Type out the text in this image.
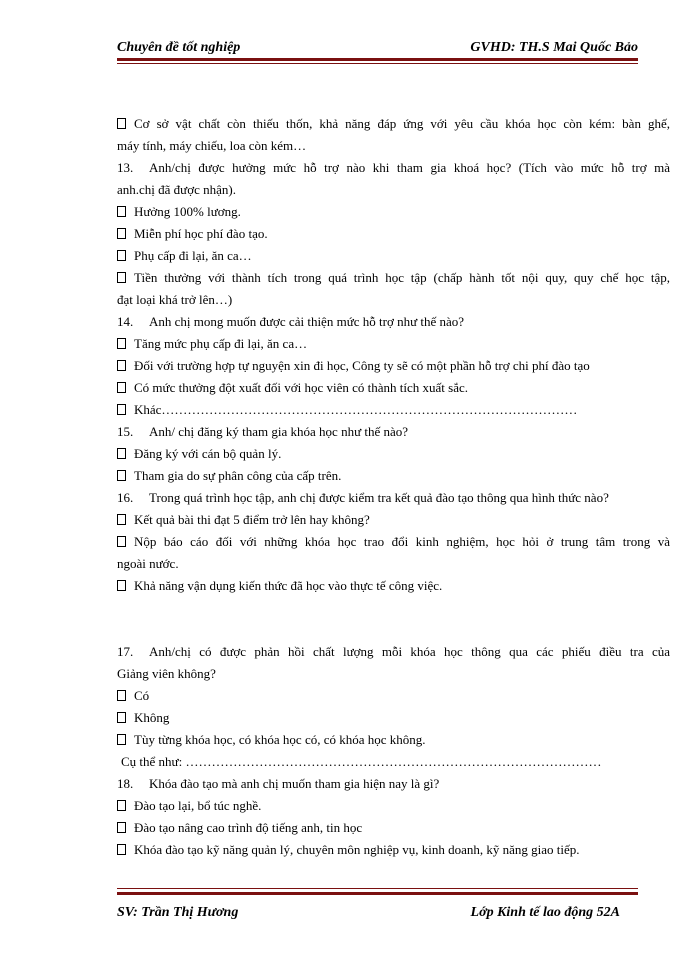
Chuyên đề tốt nghiệp	GVHD: TH.S Mai Quốc Bảo

Cơ sở vật chất còn thiếu thốn, khả năng đáp ứng với yêu cầu khóa học còn kém: bàn ghế,

máy tính, máy chiếu, loa còn kém…

13. Anh/chị được hưởng mức hỗ trợ nào khi tham gia khoá học? (Tích vào mức hỗ trợ mà

anh.chị đã được nhận).

Hưởng 100% lương.

Miễn phí học phí đào tạo.

Phụ cấp đi lại, ăn ca…

Tiền thưởng với thành tích trong quá trình học tập (chấp hành tốt nội quy, quy chế học tập,

đạt loại khá trở lên…)

14. Anh chị mong muốn được cải thiện mức hỗ trợ như thế nào?

Tăng mức phụ cấp đi lại, ăn ca…

Đối với trường hợp tự nguyện xin đi học, Công ty sẽ có một phần hỗ trợ chi phí đào tạo

Có mức thưởng đột xuất đối với học viên có thành tích xuất sắc.

Khác……………………………………………………………………………………

15. Anh/ chị đăng ký tham gia khóa học như thế nào?

Đăng ký với cán bộ quản lý.

Tham gia do sự phân công của cấp trên.

16. Trong quá trình học tập, anh chị được kiểm tra kết quả đào tạo thông qua hình thức nào?

Kết quả bài thi đạt 5 điểm trở lên hay không?

Nộp báo cáo đối với những khóa học trao đổi kinh nghiệm, học hỏi ở trung tâm trong và

ngoài nước.

Khả năng vận dụng kiến thức đã học vào thực tế công việc.

17. Anh/chị có được phản hồi chất lượng mỗi khóa học thông qua các phiếu điều tra của

Giảng viên không?

Có

Không

Tùy từng khóa học, có khóa học có, có khóa học không.

Cụ thể như: ……………………………………………………………………………………

18. Khóa đào tạo mà anh chị muốn tham gia hiện nay là gì?

Đào tạo lại, bổ túc nghề.

Đào tạo nâng cao trình độ tiếng anh, tin học

Khóa đào tạo kỹ năng quản lý, chuyên môn nghiệp vụ, kinh doanh, kỹ năng giao tiếp.

SV: Trần Thị Hương	Lớp Kinh tế lao động 52A
